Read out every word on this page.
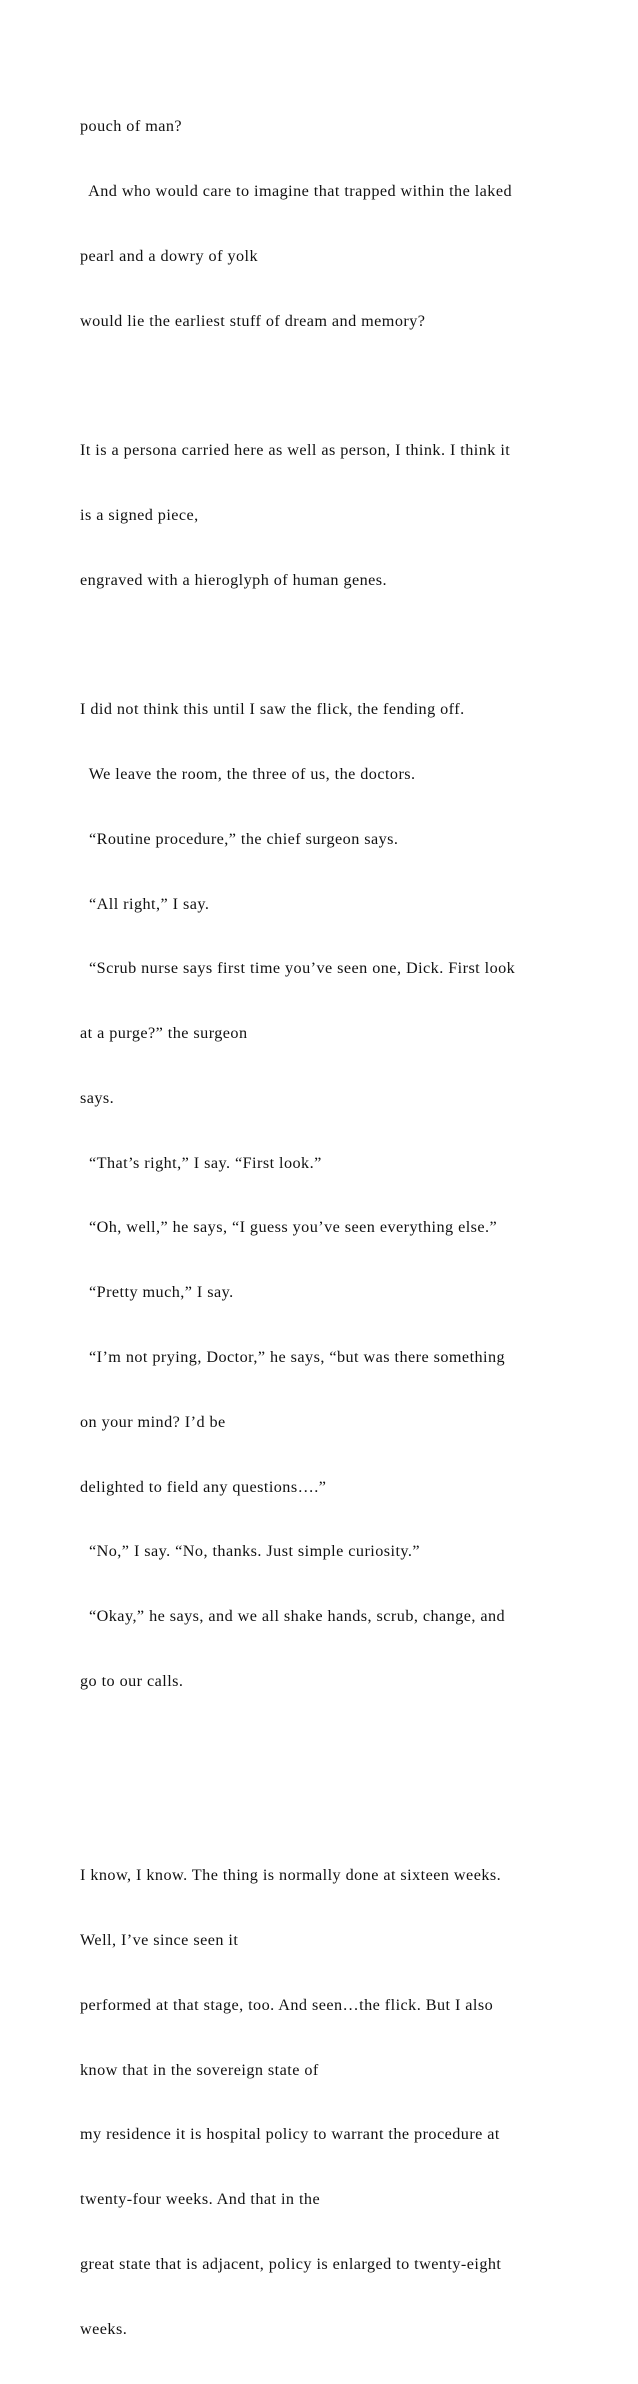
pouch of man?

And who would care to imagine that trapped within the laked

pearl and a dowry of yolk

would lie the earliest stuff of dream and memory?

It is a persona carried here as well as person, I think. I think it

is a signed piece,

engraved with a hieroglyph of human genes.

I did not think this until I saw the flick, the fending off.

We leave the room, the three of us, the doctors.

“Routine procedure,” the chief surgeon says.

“All right,” I say.

“Scrub nurse says first time you’ve seen one, Dick. First look

at a purge?” the surgeon

says.

“That’s right,” I say. “First look.”

“Oh, well,” he says, “I guess you’ve seen everything else.”

“Pretty much,” I say.

“I’m not prying, Doctor,” he says, “but was there something

on your mind? I’d be

delighted to field any questions….”

“No,” I say. “No, thanks. Just simple curiosity.”

“Okay,” he says, and we all shake hands, scrub, change, and

go to our calls.

I know, I know. The thing is normally done at sixteen weeks.

Well, I’ve since seen it

performed at that stage, too. And seen…the flick. But I also

know that in the sovereign state of

my residence it is hospital policy to warrant the procedure at

twenty-four weeks. And that in the

great state that is adjacent, policy is enlarged to twenty-eight

weeks.
